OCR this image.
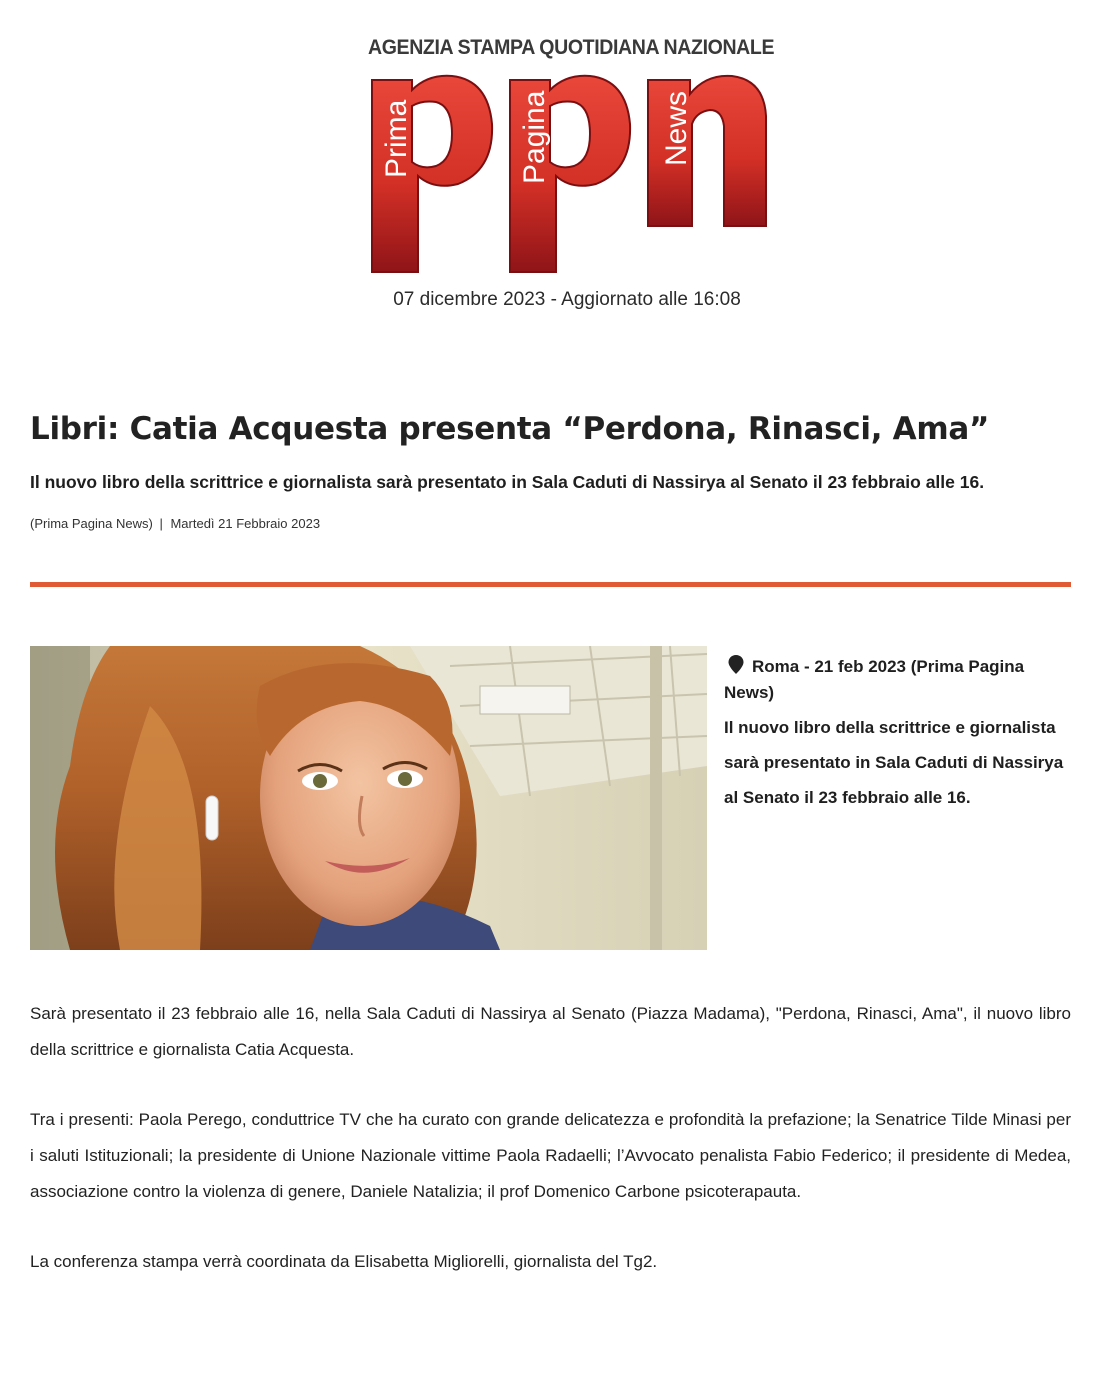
AGENZIA STAMPA QUOTIDIANA NAZIONALE
Prima	Pagina	News
07 dicembre 2023 - Aggiornato alle 16:08
Libri: Catia Acquesta presenta “Perdona, Rinasci, Ama”
Il nuovo libro della scrittrice e giornalista sarà presentato in Sala Caduti di Nassirya al Senato il 23 febbraio alle 16.
(Prima Pagina News) | Martedì 21 Febbraio 2023

Roma - 21 feb 2023 (Prima Pagina News)

Il nuovo libro della scrittrice e giornalista sarà presentato in Sala Caduti di Nassirya al Senato il 23 febbraio alle 16.

Sarà presentato il 23 febbraio alle 16, nella Sala Caduti di Nassirya al Senato (Piazza Madama), "Perdona, Rinasci, Ama", il nuovo libro della scrittrice e giornalista Catia Acquesta.

Tra i presenti: Paola Perego, conduttrice TV che ha curato con grande delicatezza e profondità la prefazione; la Senatrice Tilde Minasi per i saluti Istituzionali; la presidente di Unione Nazionale vittime Paola Radaelli; l’Avvocato penalista Fabio Federico; il presidente di Medea, associazione contro la violenza di genere, Daniele Natalizia; il prof Domenico Carbone psicoterapauta.

La conferenza stampa verrà coordinata da Elisabetta Migliorelli, giornalista del Tg2.
